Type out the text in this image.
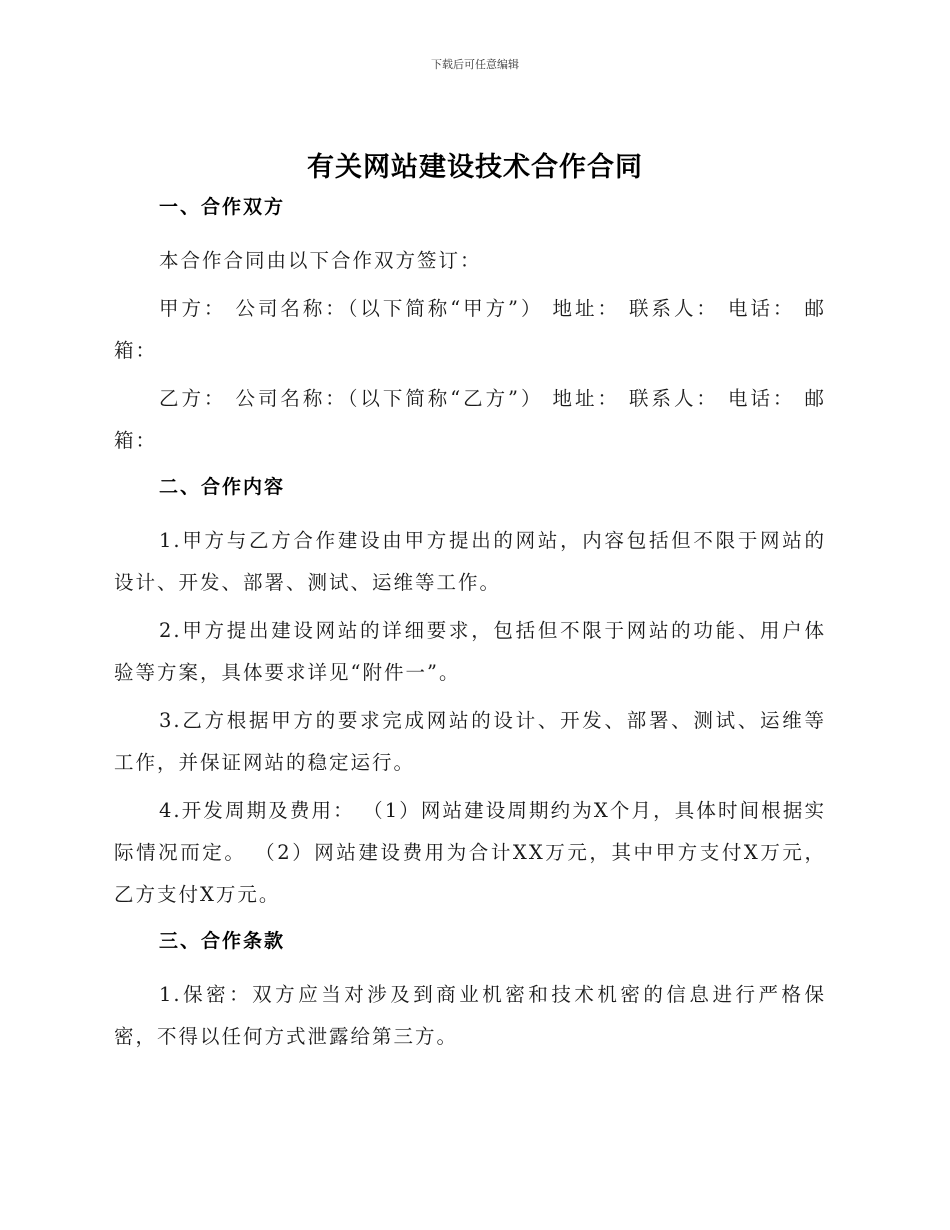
下载后可任意编辑
有关网站建设技术合作合同
一、合作双方

本合作合同由以下合作双方签订：

甲方： 公司名称：（以下简称“甲方”） 地址： 联系人： 电话： 邮箱：

乙方： 公司名称：（以下简称“乙方”） 地址： 联系人： 电话： 邮箱：

二、合作内容

1.甲方与乙方合作建设由甲方提出的网站，内容包括但不限于网站的设计、开发、部署、测试、运维等工作。

2.甲方提出建设网站的详细要求，包括但不限于网站的功能、用户体验等方案，具体要求详见“附件一”。

3.乙方根据甲方的要求完成网站的设计、开发、部署、测试、运维等工作，并保证网站的稳定运行。

4.开发周期及费用： （1）网站建设周期约为X个月，具体时间根据实际情况而定。 （2）网站建设费用为合计XX万元，其中甲方支付X万元，乙方支付X万元。

三、合作条款

1.保密：双方应当对涉及到商业机密和技术机密的信息进行严格保密，不得以任何方式泄露给第三方。
